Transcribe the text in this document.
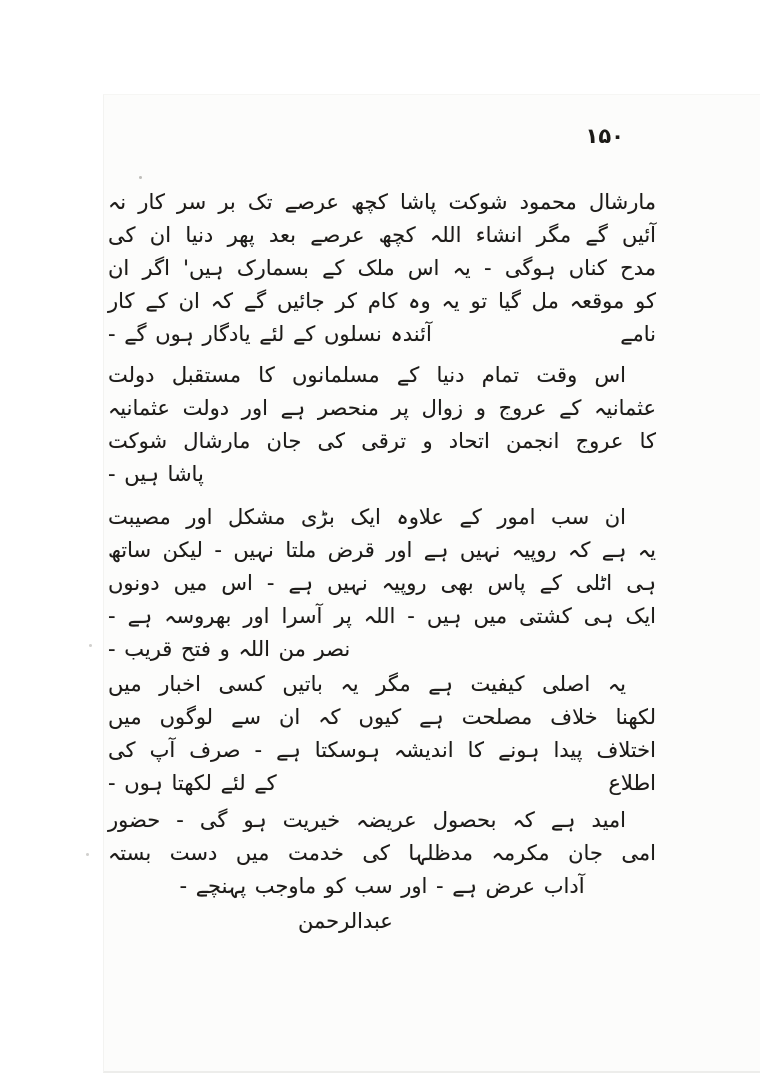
۱۵۰
مارشال محمود شوکت پاشا کچھ عرصے تک بر سر کار نہ
آئیں گے مگر انشاء اللہ کچھ عرصے بعد پھر دنیا ان کی
مدح کناں ہوگی - یہ اس ملک کے بسمارک ہیں' اگر ان
کو موقعہ مل گیا تو یہ وہ کام کر جائیں گے کہ ان کے کار نامے
آئندہ نسلوں کے لئے یادگار ہوں گے -
اس وقت تمام دنیا کے مسلمانوں کا مستقبل دولت
عثمانیہ کے عروج و زوال پر منحصر ہے اور دولت عثمانیہ
کا عروج انجمن اتحاد و ترقی کی جان مارشال شوکت
پاشا ہیں -
ان سب امور کے علاوہ ایک بڑی مشکل اور مصیبت
یہ ہے کہ روپیہ نہیں ہے اور قرض ملتا نہیں - لیکن ساتھ
ہی اٹلی کے پاس بھی روپیہ نہیں ہے - اس میں دونوں
ایک ہی کشتی میں ہیں - اللہ پر آسرا اور بھروسہ ہے -
نصر من اللہ و فتح قریب -
یہ اصلی کیفیت ہے مگر یہ باتیں کسی اخبار میں
لکھنا خلاف مصلحت ہے کیوں کہ ان سے لوگوں میں
اختلاف پیدا ہونے کا اندیشہ ہوسکتا ہے - صرف آپ کی اطلاع
کے لئے لکھتا ہوں -
امید ہے کہ بحصول عریضہ خیریت ہو گی - حضور
امی جان مکرمہ مدظلہا کی خدمت میں دست بستہ
آداب عرض ہے - اور سب کو ماوجب پہنچے -
عبدالرحمن
